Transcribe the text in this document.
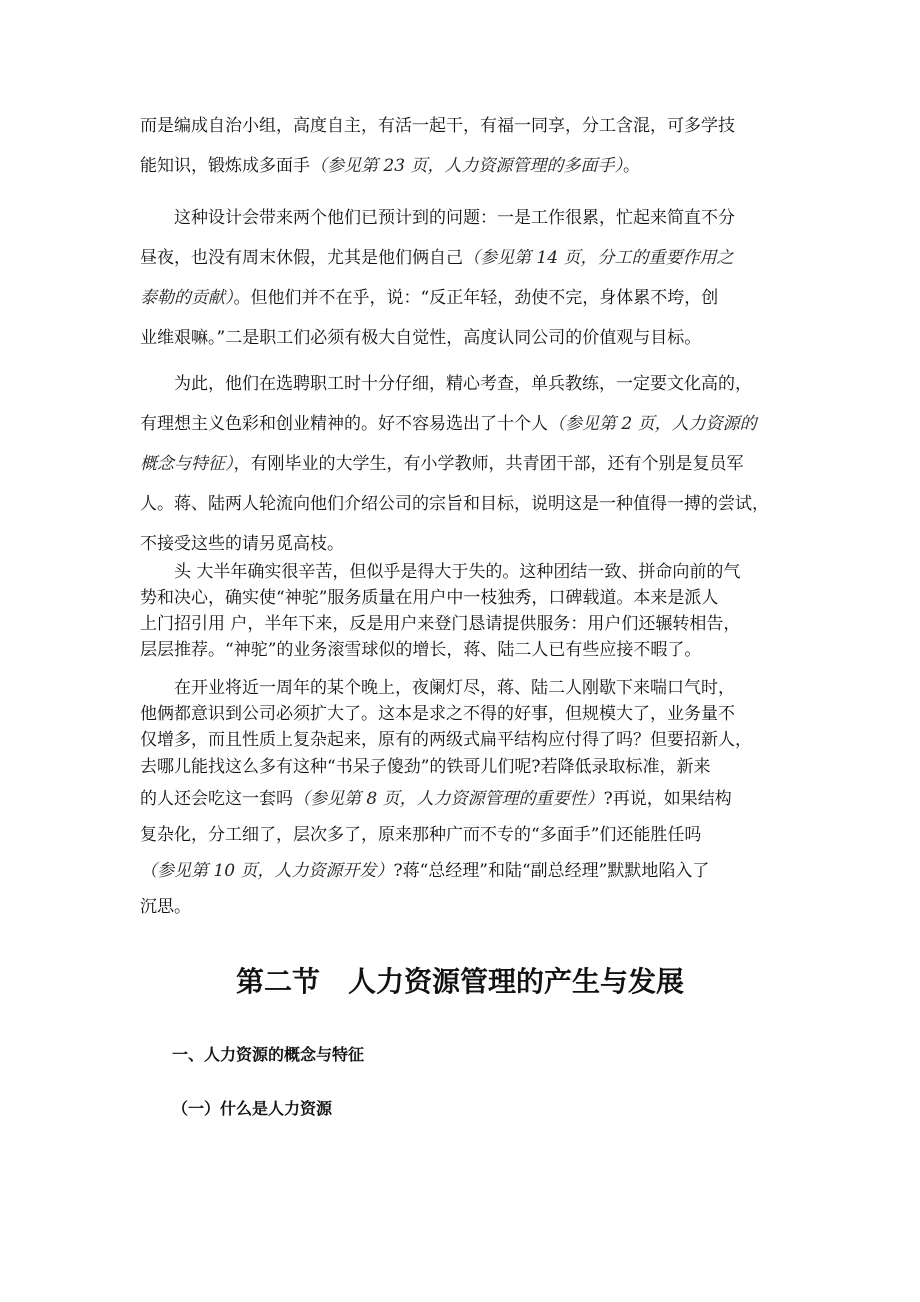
而是编成自治小组，高度自主，有活一起干，有福一同享，分工含混，可多学技
能知识，锻炼成多面手（参见第 23 页，人力资源管理的多面手）。
这种设计会带来两个他们已预计到的问题：一是工作很累，忙起来简直不分
昼夜，也没有周末休假，尤其是他们俩自己（参见第 14 页，分工的重要作用之
泰勒的贡献）。但他们并不在乎，说：“反正年轻，劲使不完，身体累不垮，创
业维艰嘛。”二是职工们必须有极大自觉性，高度认同公司的价值观与目标。
为此，他们在选聘职工时十分仔细，精心考查，单兵教练，一定要文化高的，
有理想主义色彩和创业精神的。好不容易选出了十个人（参见第 2 页，人力资源的
概念与特征），有刚毕业的大学生，有小学教师，共青团干部，还有个别是复员军
人。蒋、陆两人轮流向他们介绍公司的宗旨和目标，说明这是一种值得一搏的尝试，
不接受这些的请另觅高枝。
头 大半年确实很辛苦，但似乎是得大于失的。这种团结一致、拼命向前的气
势和决心，确实使“神驼”服务质量在用户中一枝独秀，口碑载道。本来是派人
上门招引用 户，半年下来，反是用户来登门恳请提供服务：用户们还辗转相告，
层层推荐。“神驼”的业务滚雪球似的增长，蒋、陆二人已有些应接不暇了。
在开业将近一周年的某个晚上，夜阑灯尽，蒋、陆二人刚歇下来喘口气时，
他俩都意识到公司必须扩大了。这本是求之不得的好事，但规模大了，业务量不
仅增多，而且性质上复杂起来，原有的两级式扁平结构应付得了吗？但要招新人，
去哪儿能找这么多有这种“书呆子傻劲”的铁哥儿们呢?若降低录取标准，新来
的人还会吃这一套吗（参见第 8 页，人力资源管理的重要性）?再说，如果结构
复杂化，分工细了，层次多了，原来那种广而不专的“多面手”们还能胜任吗
（参见第 10 页，人力资源开发）?蒋“总经理”和陆“副总经理”默默地陷入了
沉思。
第二节　人力资源管理的产生与发展
一、人力资源的概念与特征
（一）什么是人力资源
